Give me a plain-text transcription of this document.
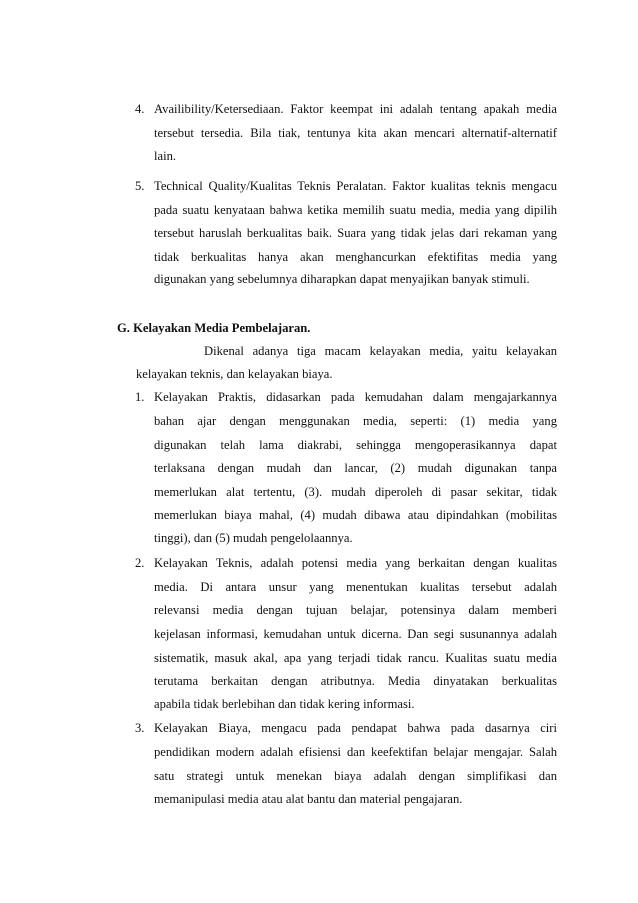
4. Availibility/Ketersediaan. Faktor keempat ini adalah tentang apakah media
tersebut tersedia. Bila tiak, tentunya kita akan mencari alternatif-alternatif
lain.
5. Technical Quality/Kualitas Teknis Peralatan. Faktor kualitas teknis mengacu
pada suatu kenyataan bahwa ketika memilih suatu media, media yang dipilih
tersebut haruslah berkualitas baik. Suara yang tidak jelas dari rekaman yang
tidak berkualitas hanya akan menghancurkan efektifitas media yang
digunakan yang sebelumnya diharapkan dapat menyajikan banyak stimuli.
G. Kelayakan Media Pembelajaran.
Dikenal adanya tiga macam kelayakan media, yaitu kelayakan
kelayakan teknis, dan kelayakan biaya.
1. Kelayakan Praktis, didasarkan pada kemudahan dalam mengajarkannya
bahan ajar dengan menggunakan media, seperti: (1) media yang
digunakan telah lama diakrabi, sehingga mengoperasikannya dapat
terlaksana dengan mudah dan lancar, (2) mudah digunakan tanpa
memerlukan alat tertentu, (3). mudah diperoleh di pasar sekitar, tidak
memerlukan biaya mahal, (4) mudah dibawa atau dipindahkan (mobilitas
tinggi), dan (5) mudah pengelolaannya.
2. Kelayakan Teknis, adalah potensi media yang berkaitan dengan kualitas
media. Di antara unsur yang menentukan kualitas tersebut adalah
relevansi media dengan tujuan belajar, potensinya dalam memberi
kejelasan informasi, kemudahan untuk dicerna. Dan segi susunannya adalah
sistematik, masuk akal, apa yang terjadi tidak rancu. Kualitas suatu media
terutama berkaitan dengan atributnya. Media dinyatakan berkualitas
apabila tidak berlebihan dan tidak kering informasi.
3. Kelayakan Biaya, mengacu pada pendapat bahwa pada dasarnya ciri
pendidikan modern adalah efisiensi dan keefektifan belajar mengajar. Salah
satu strategi untuk menekan biaya adalah dengan simplifikasi dan
memanipulasi media atau alat bantu dan material pengajaran.
